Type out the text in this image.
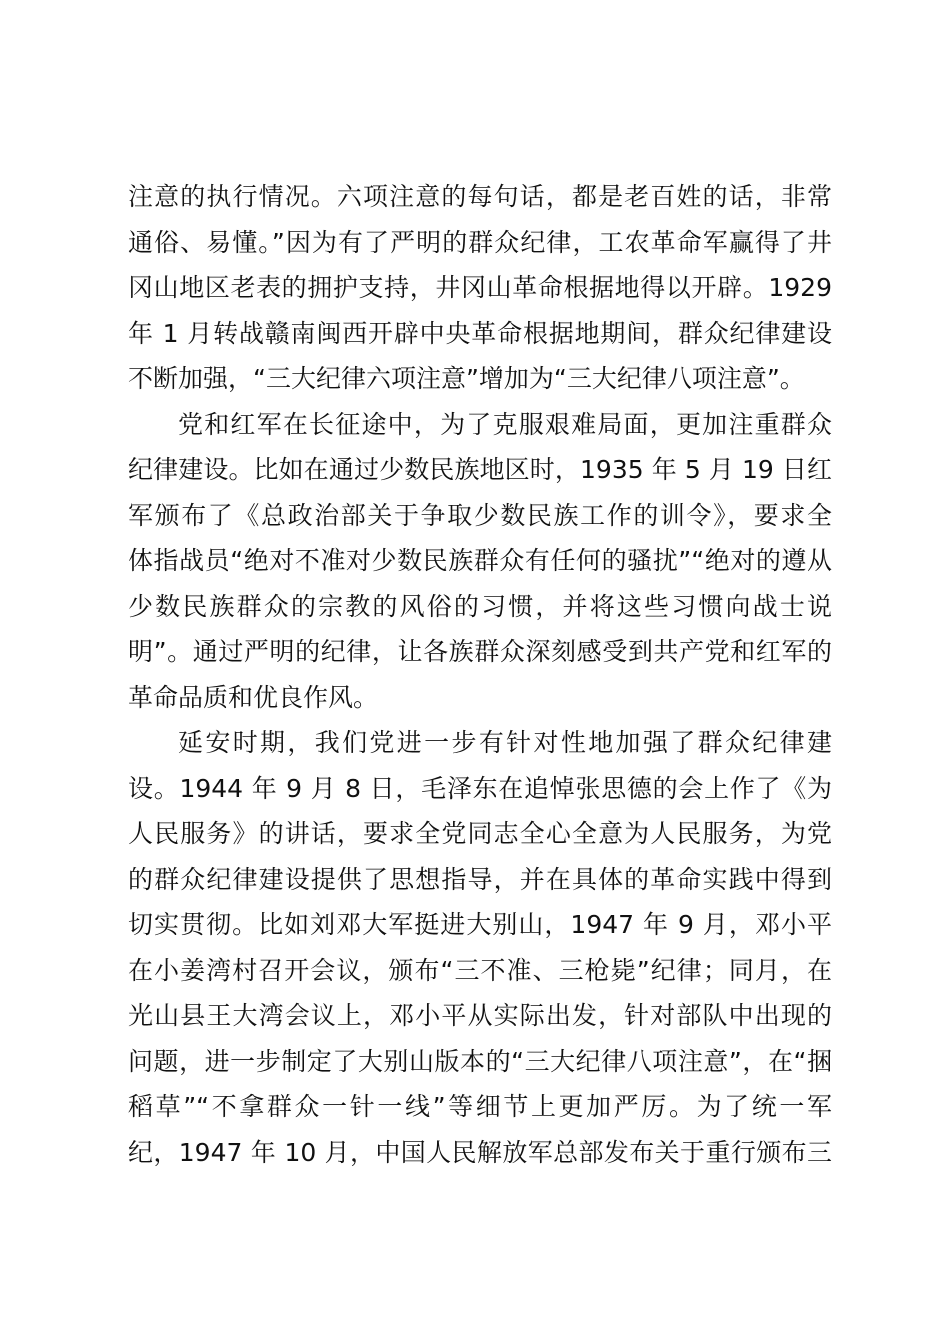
注意的执行情况。六项注意的每句话，都是老百姓的话，非常
通俗、易懂。”因为有了严明的群众纪律，工农革命军赢得了井
冈山地区老表的拥护支持，井冈山革命根据地得以开辟。1929
年 1 月转战赣南闽西开辟中央革命根据地期间，群众纪律建设
不断加强，“三大纪律六项注意”增加为“三大纪律八项注意”。
党和红军在长征途中，为了克服艰难局面，更加注重群众
纪律建设。比如在通过少数民族地区时，1935 年 5 月 19 日红
军颁布了《总政治部关于争取少数民族工作的训令》，要求全
体指战员“绝对不准对少数民族群众有任何的骚扰”“绝对的遵从
少数民族群众的宗教的风俗的习惯，并将这些习惯向战士说
明”。通过严明的纪律，让各族群众深刻感受到共产党和红军的
革命品质和优良作风。
延安时期，我们党进一步有针对性地加强了群众纪律建
设。1944 年 9 月 8 日，毛泽东在追悼张思德的会上作了《为
人民服务》的讲话，要求全党同志全心全意为人民服务，为党
的群众纪律建设提供了思想指导，并在具体的革命实践中得到
切实贯彻。比如刘邓大军挺进大别山，1947 年 9 月，邓小平
在小姜湾村召开会议，颁布“三不准、三枪毙”纪律；同月，在
光山县王大湾会议上，邓小平从实际出发，针对部队中出现的
问题，进一步制定了大别山版本的“三大纪律八项注意”，在“捆
稻草”“不拿群众一针一线”等细节上更加严厉。为了统一军
纪，1947 年 10 月，中国人民解放军总部发布关于重行颁布三
